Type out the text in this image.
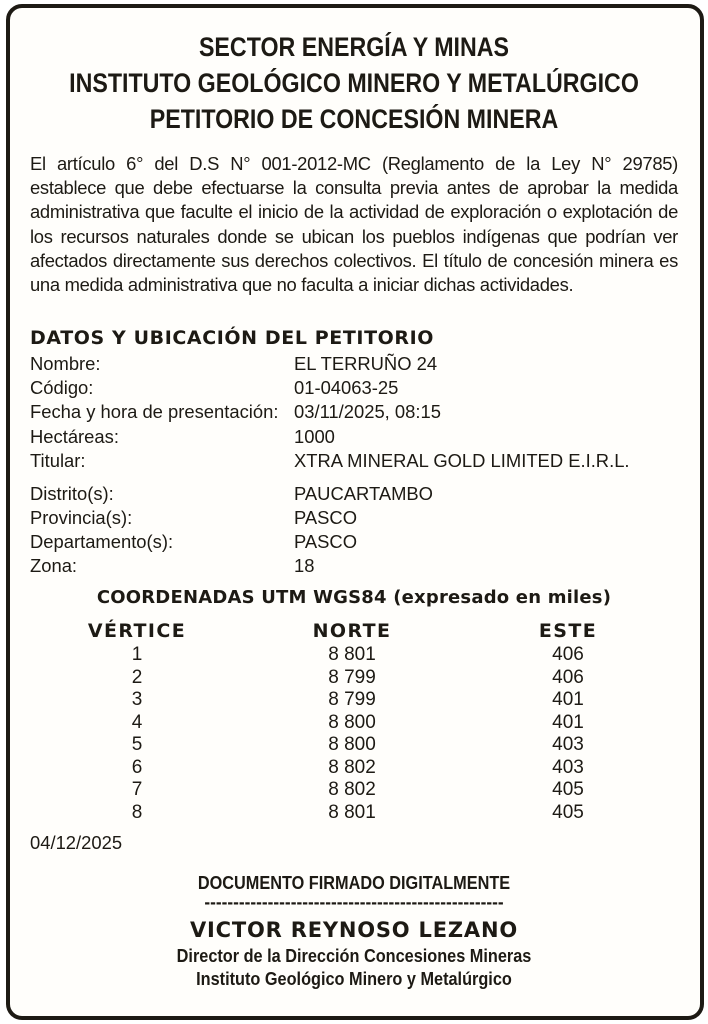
SECTOR ENERGÍA Y MINAS
INSTITUTO GEOLÓGICO MINERO Y METALÚRGICO
PETITORIO DE CONCESIÓN MINERA
El artículo 6° del D.S N° 001-2012-MC (Reglamento de la Ley N° 29785) establece que debe efectuarse la consulta previa antes de aprobar la medida administrativa que faculte el inicio de la actividad de exploración o explotación de los recursos naturales donde se ubican los pueblos indígenas que podrían ver afectados directamente sus derechos colectivos. El título de concesión minera es una medida administrativa que no faculta a iniciar dichas actividades.
DATOS Y UBICACIÓN DEL PETITORIO
Nombre:	EL TERRUÑO 24
Código:	01-04063-25
Fecha y hora de presentación: 03/11/2025, 08:15
Hectáreas:	1000
Titular:	XTRA MINERAL GOLD LIMITED E.I.R.L.
Distrito(s):	PAUCARTAMBO
Provincia(s):	PASCO
Departamento(s):	PASCO
Zona:	18
COORDENADAS UTM WGS84 (expresado en miles)
VÉRTICE	NORTE	ESTE
1	8 801	406
2	8 799	406
3	8 799	401
4	8 800	401
5	8 800	403
6	8 802	403
7	8 802	405
8	8 801	405
04/12/2025
DOCUMENTO FIRMADO DIGITALMENTE
----------------------------------------------------
VICTOR REYNOSO LEZANO
Director de la Dirección Concesiones Mineras
Instituto Geológico Minero y Metalúrgico
